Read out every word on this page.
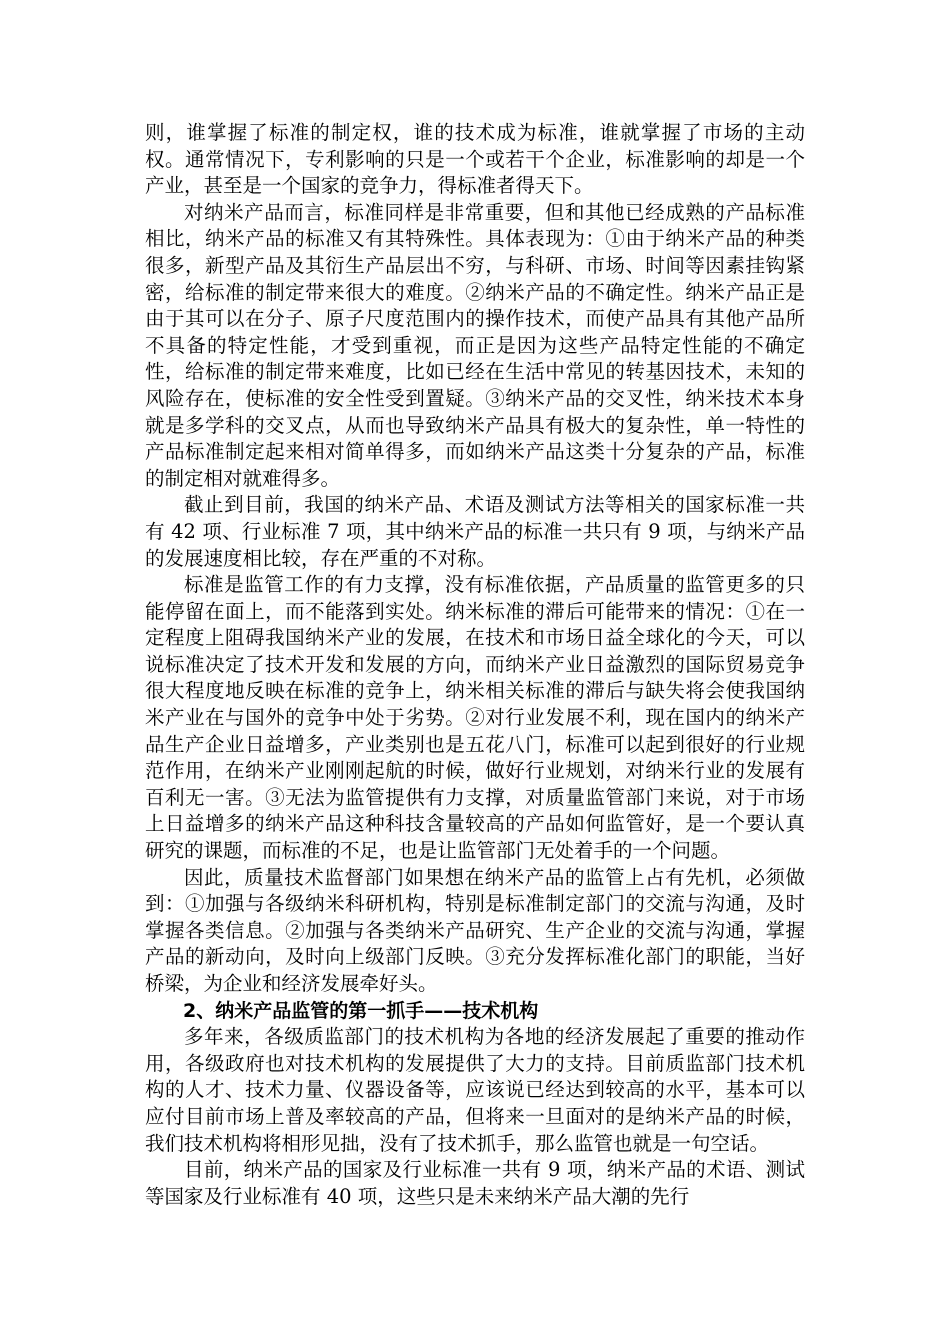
则，谁掌握了标准的制定权，谁的技术成为标准，谁就掌握了市场的主动权。通常情况下，专利影响的只是一个或若干个企业，标准影响的却是一个产业，甚至是一个国家的竞争力，得标准者得天下。

对纳米产品而言，标准同样是非常重要，但和其他已经成熟的产品标准相比，纳米产品的标准又有其特殊性。具体表现为：①由于纳米产品的种类很多，新型产品及其衍生产品层出不穷，与科研、市场、时间等因素挂钩紧密，给标准的制定带来很大的难度。②纳米产品的不确定性。纳米产品正是由于其可以在分子、原子尺度范围内的操作技术，而使产品具有其他产品所不具备的特定性能，才受到重视，而正是因为这些产品特定性能的不确定性，给标准的制定带来难度，比如已经在生活中常见的转基因技术，未知的风险存在，使标准的安全性受到置疑。③纳米产品的交叉性，纳米技术本身就是多学科的交叉点，从而也导致纳米产品具有极大的复杂性，单一特性的产品标准制定起来相对简单得多，而如纳米产品这类十分复杂的产品，标准的制定相对就难得多。

截止到目前，我国的纳米产品、术语及测试方法等相关的国家标准一共有 42 项、行业标准 7 项，其中纳米产品的标准一共只有 9 项，与纳米产品的发展速度相比较，存在严重的不对称。

标准是监管工作的有力支撑，没有标准依据，产品质量的监管更多的只能停留在面上，而不能落到实处。纳米标准的滞后可能带来的情况：①在一定程度上阻碍我国纳米产业的发展，在技术和市场日益全球化的今天，可以说标准决定了技术开发和发展的方向，而纳米产业日益激烈的国际贸易竞争很大程度地反映在标准的竞争上，纳米相关标准的滞后与缺失将会使我国纳米产业在与国外的竞争中处于劣势。②对行业发展不利，现在国内的纳米产品生产企业日益增多，产业类别也是五花八门，标准可以起到很好的行业规范作用，在纳米产业刚刚起航的时候，做好行业规划，对纳米行业的发展有百利无一害。③无法为监管提供有力支撑，对质量监管部门来说，对于市场上日益增多的纳米产品这种科技含量较高的产品如何监管好，是一个要认真研究的课题，而标准的不足，也是让监管部门无处着手的一个问题。

因此，质量技术监督部门如果想在纳米产品的监管上占有先机，必须做到：①加强与各级纳米科研机构，特别是标准制定部门的交流与沟通，及时掌握各类信息。②加强与各类纳米产品研究、生产企业的交流与沟通，掌握产品的新动向，及时向上级部门反映。③充分发挥标准化部门的职能，当好桥梁，为企业和经济发展牵好头。

2、纳米产品监管的第一抓手——技术机构

多年来，各级质监部门的技术机构为各地的经济发展起了重要的推动作用，各级政府也对技术机构的发展提供了大力的支持。目前质监部门技术机构的人才、技术力量、仪器设备等，应该说已经达到较高的水平，基本可以应付目前市场上普及率较高的产品，但将来一旦面对的是纳米产品的时候，我们技术机构将相形见拙，没有了技术抓手，那么监管也就是一句空话。

目前，纳米产品的国家及行业标准一共有 9 项，纳米产品的术语、测试等国家及行业标准有 40 项，这些只是未来纳米产品大潮的先行
